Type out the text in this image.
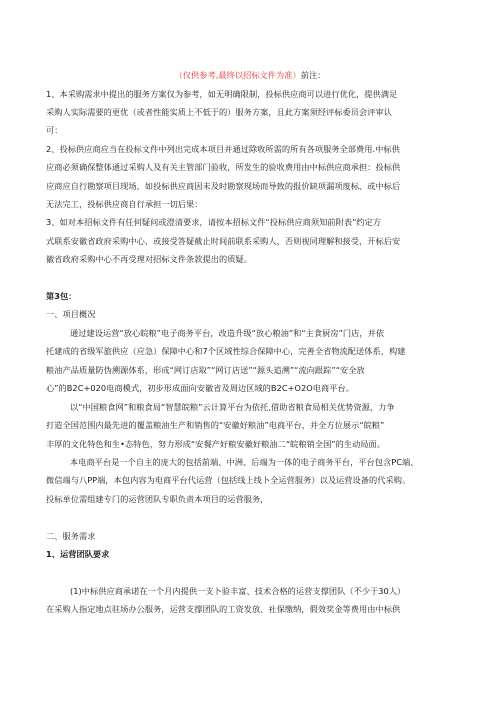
（仅供参考,最终以招标文件为准）前注：
1、本采购需求中提出的服务方案仅为参考，如无明确限制，投标供应商可以进行优化，提供满足
采购人实际需要的更优（或者性能实质上不低于的）服务方案，且此方案须经评标委员会评审认
可：
2、投标供应商应当在投标文件中列出完成本项目并通过除收所需的所有各项服务全部费用.中标供
应商必须确保整体通过采购人及有关主管部门验收，所发生的验收费用由中标供应商承担：投标供
应商应自行勘察项目现场，如投标供应商因未及时勘察现场而导致的报价缺项漏项废标、或中标后
无法完工，投标供应商自行承担一切后果：
3、如对本招标文件有任何疑问或澄清要求，请按本招标文件“投标供应商须知前附表”约定方
式联系安徽省政府采购中心，或接受答疑截止时间前联系采购人，否则视同理解和接受，开标后安
徽省政府采购中心不再受理对招标文件条款提出的质疑。
第3包：
一、项目概况
通过建设运营“放心皖粮”电子商务平台，改造升级“放心粮油”和“主食厨房”门店，并依
托建成的省级军旅供应（应急）保障中心和7个区域性综合保障中心，完善全省物流配送体系，构建
粮油产品质量防伪溯源体系，形成“网订店取”“网订店送”“源头追溯”“流向跟踪”“安全放
心”的B2C+020电商模式，初步形成面向安徽省及周边区域的B2C+O2O电商平台。
以“中国粮食网”和粮食局“智慧皖粮”云计算平台为依托,借助省粮食局相关优势资源，力争
打造全国范围内最先进的覆盖粮油生产和销售的“安徽好粮油”电商平台，并全方位展示“皖粮”
丰厚的文化特色和生•态特色，努力形成“安餐产好粮安徽好粮油二“皖粮销全国”的生动局面。
本电商平台是一个自主的庞大的包括前端、中洲、后端为一体的电子商务平台，平台包含PC端、
微信端与八PP端，本包内容为电商平台代运营（包括线上线卜全运营服务）以及运营设备的代采购。
投标单位需组建专门的运营团队专职负责本项目的运营服务，
二、服务需求
1、运营团队要求
(1)中标供应商承诺在一个月内提供一支卜验丰富、技术合格的运营支撑团队（不少于30人）
在采购人指定地点驻场办公服务，运营支撑团队的工资发放、社保缴纳，假效奖金等费用由中标供
